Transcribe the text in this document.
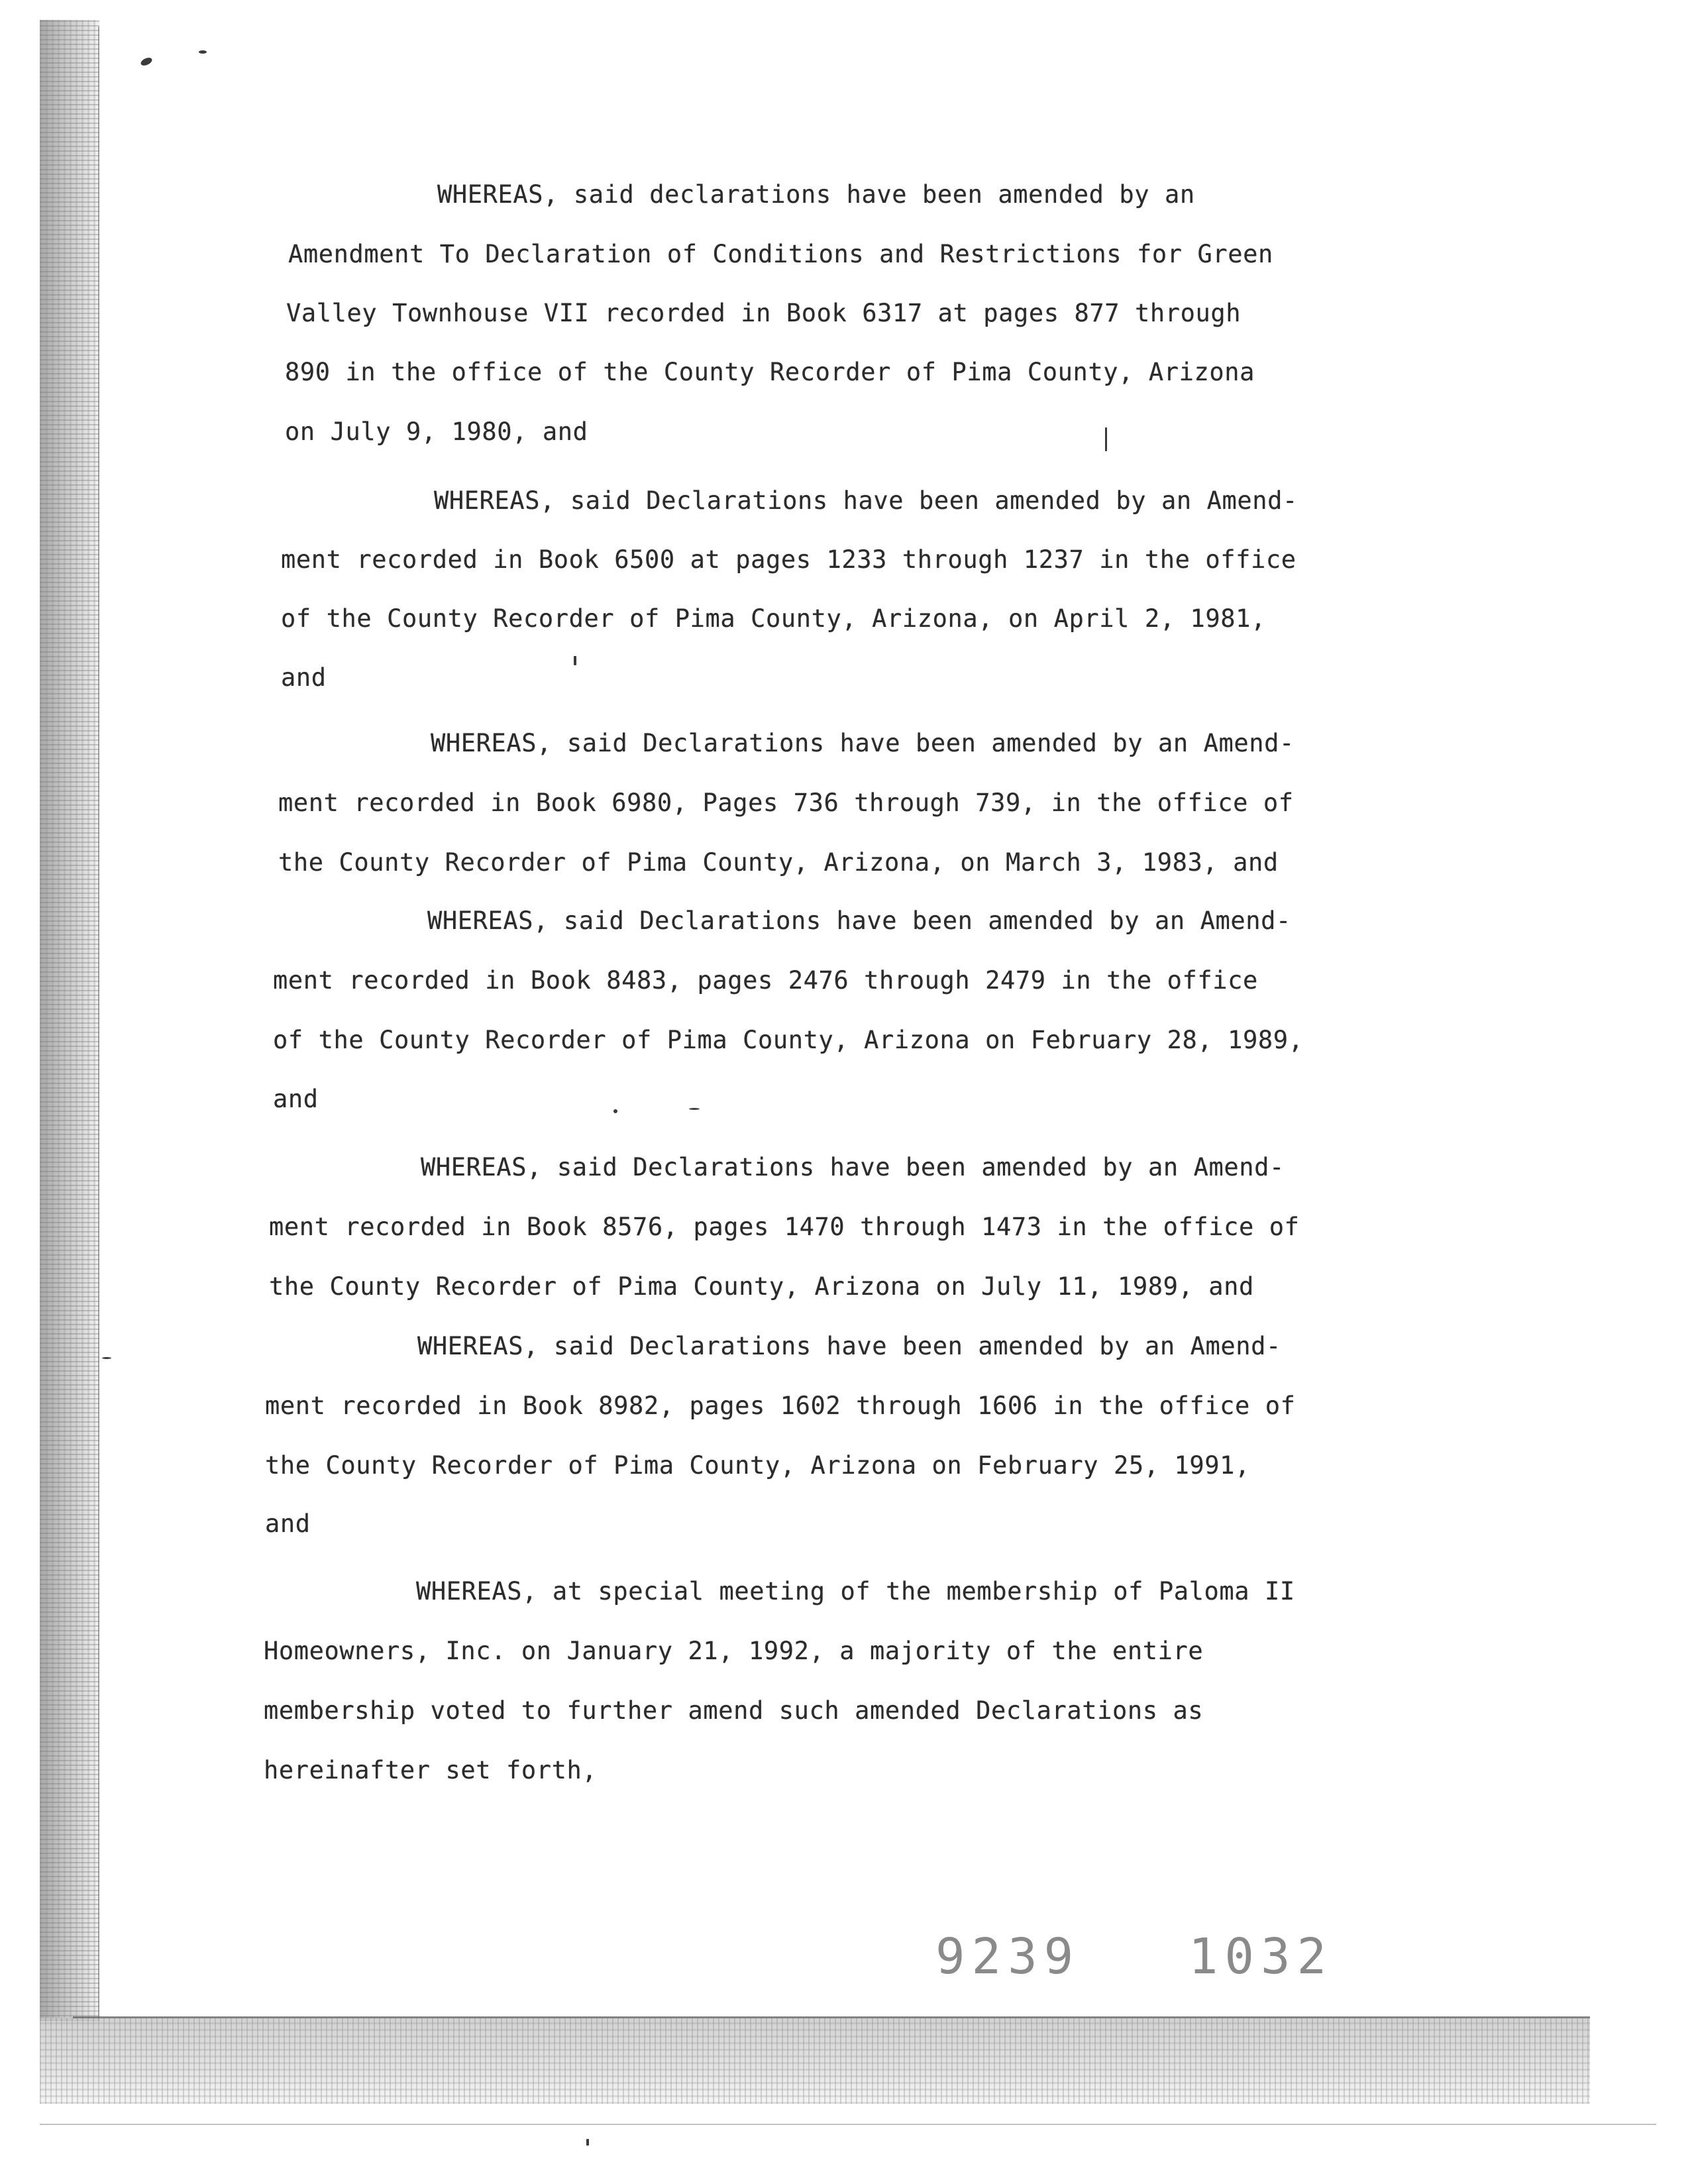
WHEREAS, said declarations have been amended by an
Amendment To Declaration of Conditions and Restrictions for Green
Valley Townhouse VII recorded in Book 6317 at pages 877 through
890 in the office of the County Recorder of Pima County, Arizona
on July 9, 1980, and
WHEREAS, said Declarations have been amended by an Amend-
ment recorded in Book 6500 at pages 1233 through 1237 in the office
of the County Recorder of Pima County, Arizona, on April 2, 1981,
and
WHEREAS, said Declarations have been amended by an Amend-
ment recorded in Book 6980, Pages 736 through 739, in the office of
the County Recorder of Pima County, Arizona, on March 3, 1983, and
WHEREAS, said Declarations have been amended by an Amend-
ment recorded in Book 8483, pages 2476 through 2479 in the office
of the County Recorder of Pima County, Arizona on February 28, 1989,
and
WHEREAS, said Declarations have been amended by an Amend-
ment recorded in Book 8576, pages 1470 through 1473 in the office of
the County Recorder of Pima County, Arizona on July 11, 1989, and
WHEREAS, said Declarations have been amended by an Amend-
ment recorded in Book 8982, pages 1602 through 1606 in the office of
the County Recorder of Pima County, Arizona on February 25, 1991,
and
WHEREAS, at special meeting of the membership of Paloma II
Homeowners, Inc. on January 21, 1992, a majority of the entire
membership voted to further amend such amended Declarations as
hereinafter set forth,
9239   1032
